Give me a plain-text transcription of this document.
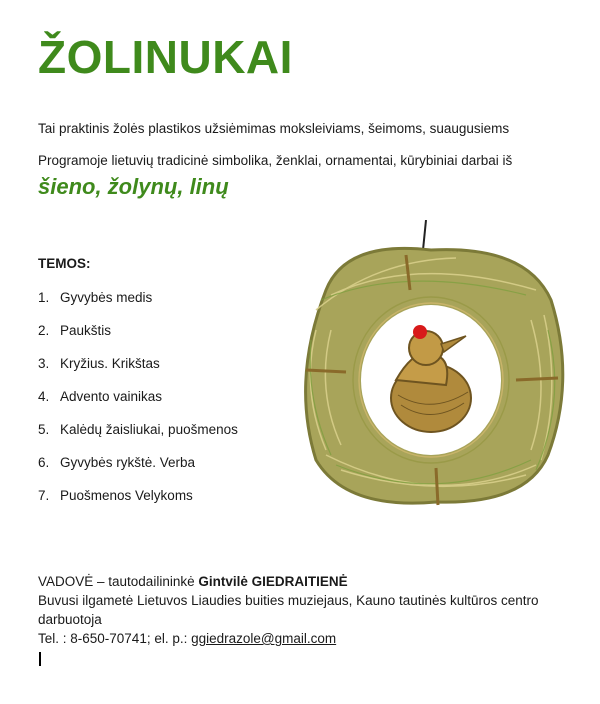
ŽOLINUKAI
Tai praktinis žolės plastikos užsiėmimas moksleiviams, šeimoms, suaugusiems
Programoje lietuvių tradicinė simbolika, ženklai, ornamentai, kūrybiniai darbai iš
šieno, žolynų, linų
TEMOS:
1. Gyvybės medis
2. Paukštis
3. Kryžius. Krikštas
4. Advento vainikas
5. Kalėdų žaisliukai, puošmenos
6. Gyvybės rykštė. Verba
7. Puošmenos Velykoms
VADOVĖ – tautodailininkė Gintvilė GIEDRAITIENĖ
Buvusi ilgametė Lietuvos Liaudies buities muziejaus, Kauno tautinės kultūros centro darbuotoja
Tel. : 8-650-70741; el. p.: ggiedrazole@gmail.com
